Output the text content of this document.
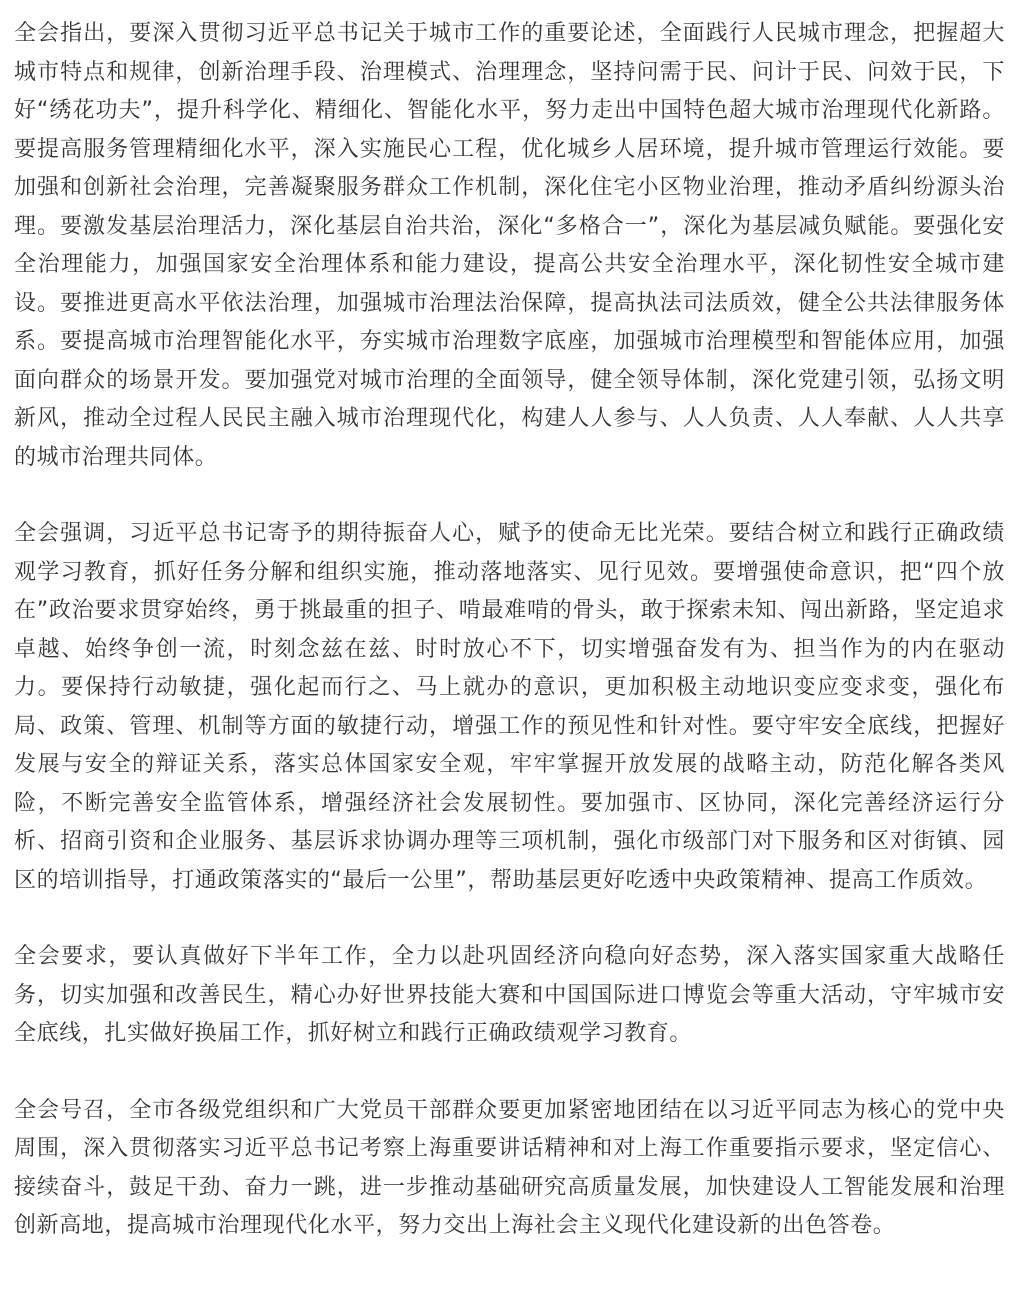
全会指出，要深入贯彻习近平总书记关于城市工作的重要论述，全面践行人民城市理念，把握超大城市特点和规律，创新治理手段、治理模式、治理理念，坚持问需于民、问计于民、问效于民，下好“绣花功夫”，提升科学化、精细化、智能化水平，努力走出中国特色超大城市治理现代化新路。要提高服务管理精细化水平，深入实施民心工程，优化城乡人居环境，提升城市管理运行效能。要加强和创新社会治理，完善凝聚服务群众工作机制，深化住宅小区物业治理，推动矛盾纠纷源头治理。要激发基层治理活力，深化基层自治共治，深化“多格合一”，深化为基层减负赋能。要强化安全治理能力，加强国家安全治理体系和能力建设，提高公共安全治理水平，深化韧性安全城市建设。要推进更高水平依法治理，加强城市治理法治保障，提高执法司法质效，健全公共法律服务体系。要提高城市治理智能化水平，夯实城市治理数字底座，加强城市治理模型和智能体应用，加强面向群众的场景开发。要加强党对城市治理的全面领导，健全领导体制，深化党建引领，弘扬文明新风，推动全过程人民民主融入城市治理现代化，构建人人参与、人人负责、人人奉献、人人共享的城市治理共同体。

全会强调，习近平总书记寄予的期待振奋人心，赋予的使命无比光荣。要结合树立和践行正确政绩观学习教育，抓好任务分解和组织实施，推动落地落实、见行见效。要增强使命意识，把“四个放在”政治要求贯穿始终，勇于挑最重的担子、啃最难啃的骨头，敢于探索未知、闯出新路，坚定追求卓越、始终争创一流，时刻念兹在兹、时时放心不下，切实增强奋发有为、担当作为的内在驱动力。要保持行动敏捷，强化起而行之、马上就办的意识，更加积极主动地识变应变求变，强化布局、政策、管理、机制等方面的敏捷行动，增强工作的预见性和针对性。要守牢安全底线，把握好发展与安全的辩证关系，落实总体国家安全观，牢牢掌握开放发展的战略主动，防范化解各类风险，不断完善安全监管体系，增强经济社会发展韧性。要加强市、区协同，深化完善经济运行分析、招商引资和企业服务、基层诉求协调办理等三项机制，强化市级部门对下服务和区对街镇、园区的培训指导，打通政策落实的“最后一公里”，帮助基层更好吃透中央政策精神、提高工作质效。

全会要求，要认真做好下半年工作，全力以赴巩固经济向稳向好态势，深入落实国家重大战略任务，切实加强和改善民生，精心办好世界技能大赛和中国国际进口博览会等重大活动，守牢城市安全底线，扎实做好换届工作，抓好树立和践行正确政绩观学习教育。

全会号召，全市各级党组织和广大党员干部群众要更加紧密地团结在以习近平同志为核心的党中央周围，深入贯彻落实习近平总书记考察上海重要讲话精神和对上海工作重要指示要求，坚定信心、接续奋斗，鼓足干劲、奋力一跳，进一步推动基础研究高质量发展，加快建设人工智能发展和治理创新高地，提高城市治理现代化水平，努力交出上海社会主义现代化建设新的出色答卷。
